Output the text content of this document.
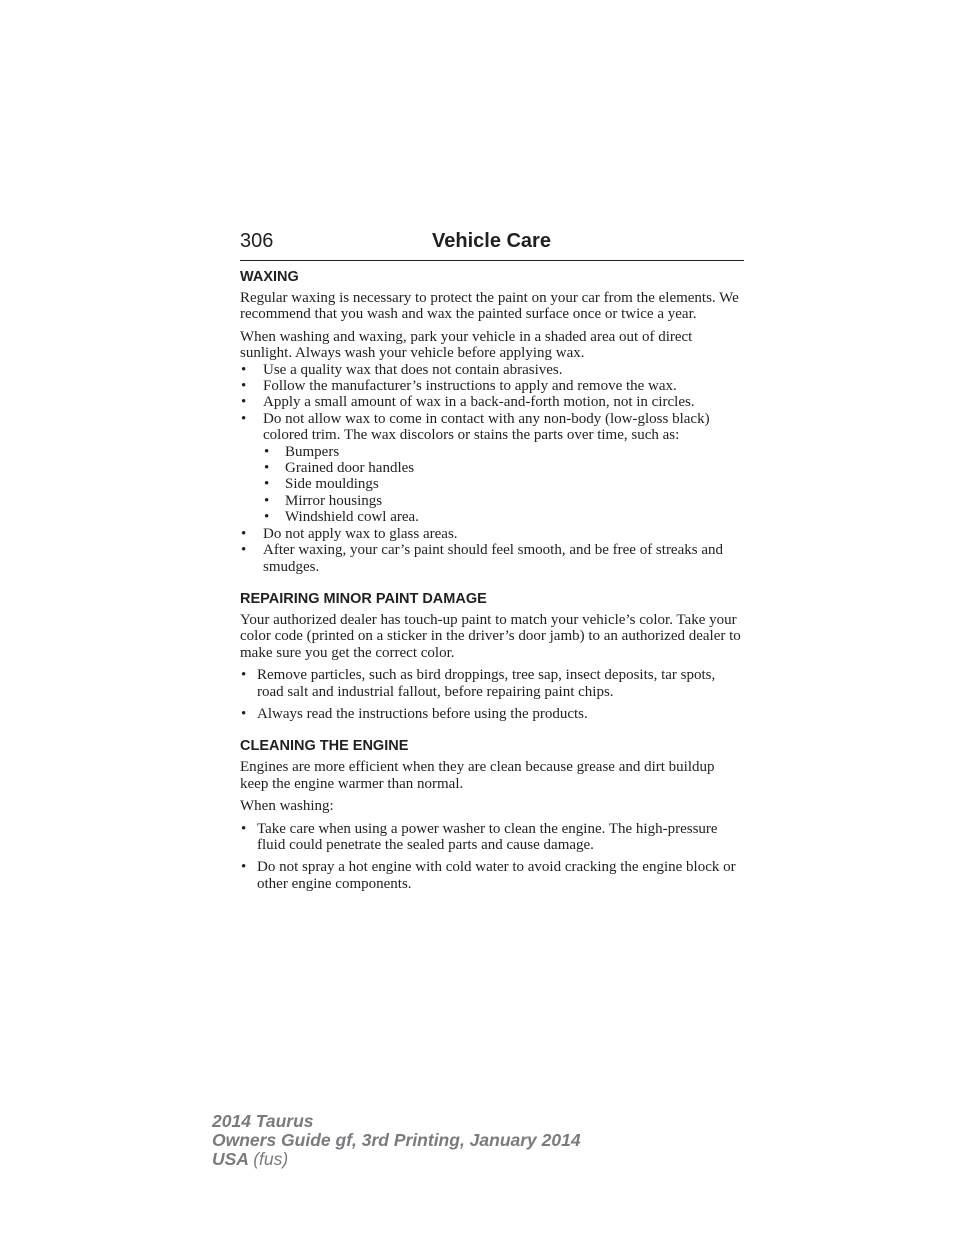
306	Vehicle Care
WAXING

Regular waxing is necessary to protect the paint on your car from the elements. We recommend that you wash and wax the painted surface once or twice a year.

When washing and waxing, park your vehicle in a shaded area out of direct sunlight. Always wash your vehicle before applying wax.

• Use a quality wax that does not contain abrasives.
• Follow the manufacturer’s instructions to apply and remove the wax.
• Apply a small amount of wax in a back-and-forth motion, not in circles.
• Do not allow wax to come in contact with any non-body (low-gloss black) colored trim. The wax discolors or stains the parts over time, such as:
• Bumpers
• Grained door handles
• Side mouldings
• Mirror housings
• Windshield cowl area.
• Do not apply wax to glass areas.
• After waxing, your car’s paint should feel smooth, and be free of streaks and smudges.
REPAIRING MINOR PAINT DAMAGE

Your authorized dealer has touch-up paint to match your vehicle’s color. Take your color code (printed on a sticker in the driver’s door jamb) to an authorized dealer to make sure you get the correct color.

• Remove particles, such as bird droppings, tree sap, insect deposits, tar spots, road salt and industrial fallout, before repairing paint chips.
• Always read the instructions before using the products.
CLEANING THE ENGINE

Engines are more efficient when they are clean because grease and dirt buildup keep the engine warmer than normal.

When washing:

• Take care when using a power washer to clean the engine. The high-pressure fluid could penetrate the sealed parts and cause damage.
• Do not spray a hot engine with cold water to avoid cracking the engine block or other engine components.
2014 Taurus
Owners Guide gf, 3rd Printing, January 2014
USA (fus)
